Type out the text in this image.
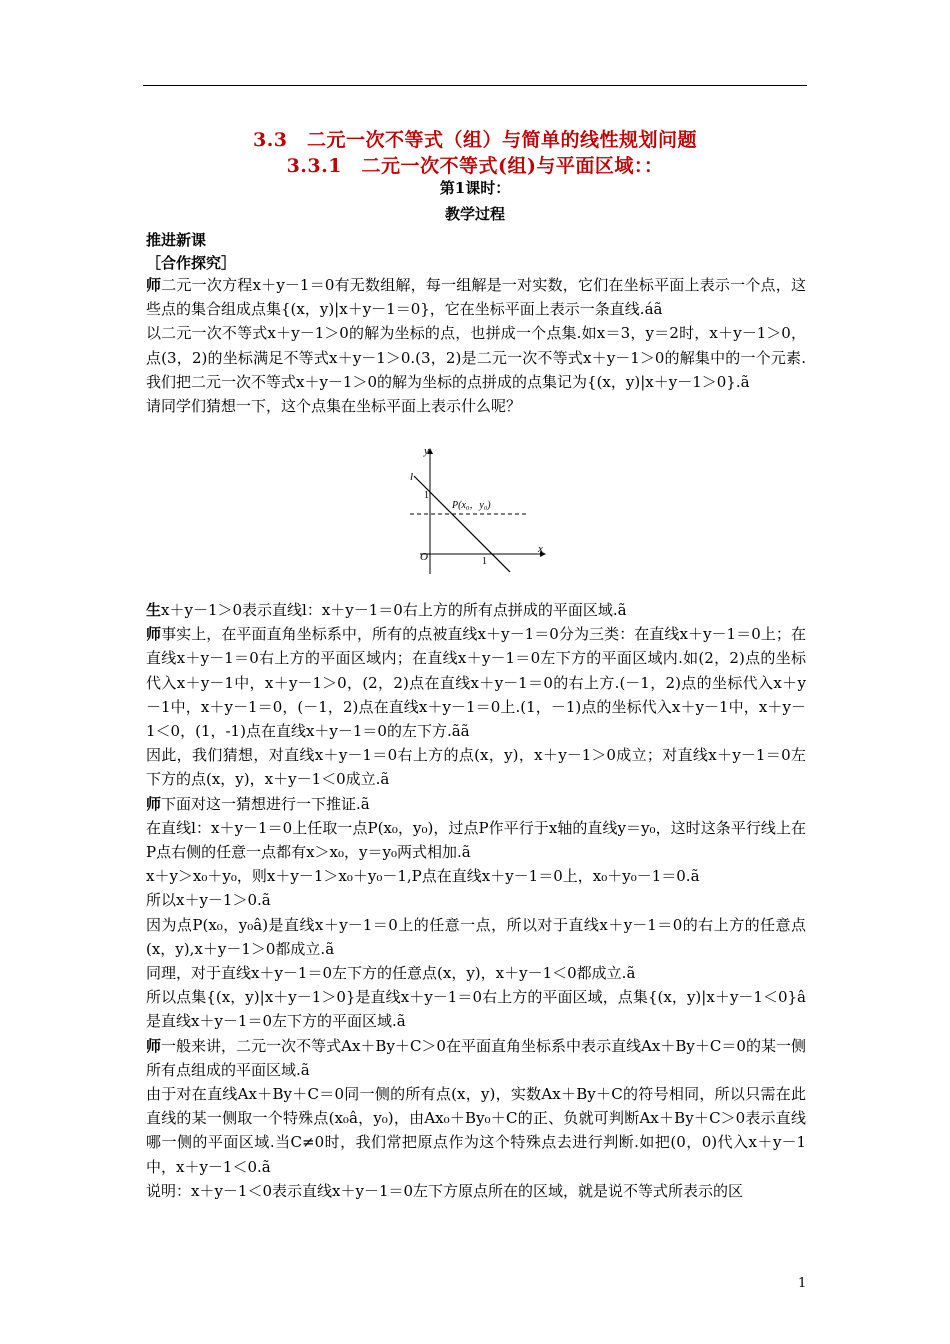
3.3　二元一次不等式（组）与简单的线性规划问题
3.3.1　二元一次不等式(组)与平面区域：：
第1课时：
教学过程
推进新课
［合作探究］
师二元一次方程x＋y－1＝0有无数组解，每一组解是一对实数，它们在坐标平面上表示一个点，这些点的集合组成点集{(x，y)|x＋y－1＝0}，它在坐标平面上表示一条直线.áã
以二元一次不等式x＋y－1＞0的解为坐标的点，也拼成一个点集.如x＝3，y＝2时，x＋y－1＞0，点(3，2)的坐标满足不等式x＋y－1＞0.(3，2)是二元一次不等式x＋y－1＞0的解集中的一个元素.我们把二元一次不等式x＋y－1＞0的解为坐标的点拼成的点集记为{(x，y)|x＋y－1＞0}.ã
请同学们猜想一下，这个点集在坐标平面上表示什么呢？
y
x
O
l
1
1
P(x₀，y₀)
生x＋y－1＞0表示直线l：x＋y－1＝0右上方的所有点拼成的平面区域.ã
师事实上，在平面直角坐标系中，所有的点被直线x＋y－1＝0分为三类：在直线x＋y－1＝0上；在直线x＋y－1＝0右上方的平面区域内；在直线x＋y－1＝0左下方的平面区域内.如(2，2)点的坐标代入x＋y－1中，x＋y－1＞0，(2，2)点在直线x＋y－1＝0的右上方.(－1，2)点的坐标代入x＋y－1中，x＋y－1＝0，(－1，2)点在直线x＋y－1＝0上.(1，－1)点的坐标代入x＋y－1中，x＋y－1＜0，(1，-1)点在直线x＋y－1＝0的左下方.ãã
因此，我们猜想，对直线x＋y－1＝0右上方的点(x，y)，x＋y－1＞0成立；对直线x＋y－1＝0左下方的点(x，y)，x＋y－1＜0成立.ã
师下面对这一猜想进行一下推证.ã
在直线l：x＋y－1＝0上任取一点P(x₀，y₀)，过点P作平行于x轴的直线y＝y₀，这时这条平行线上在P点右侧的任意一点都有x＞x₀，y＝y₀两式相加.ã
x＋y＞x₀＋y₀，则x＋y－1＞x₀＋y₀－1,P点在直线x＋y－1＝0上，x₀＋y₀－1＝0.ã
所以x＋y－1＞0.ã
因为点P(x₀，y₀â)是直线x＋y－1＝0上的任意一点，所以对于直线x＋y－1＝0的右上方的任意点(x，y),x＋y－1＞0都成立.ã
同理，对于直线x＋y－1＝0左下方的任意点(x，y)，x＋y－1＜0都成立.ã
所以点集{(x，y)|x＋y－1＞0}是直线x＋y－1＝0右上方的平面区域，点集{(x，y)|x＋y－1＜0}â是直线x＋y－1＝0左下方的平面区域.ã
师一般来讲，二元一次不等式Ax＋By＋C＞0在平面直角坐标系中表示直线Ax＋By＋C＝0的某一侧所有点组成的平面区域.ã
由于对在直线Ax＋By＋C＝0同一侧的所有点(x，y)，实数Ax＋By＋C的符号相同，所以只需在此直线的某一侧取一个特殊点(x₀â，y₀)，由Ax₀＋By₀＋C的正、负就可判断Ax＋By＋C＞0表示直线哪一侧的平面区域.当C≠0时，我们常把原点作为这个特殊点去进行判断.如把(0，0)代入x＋y－1中，x＋y－1＜0.ã
说明：x＋y－1＜0表示直线x＋y－1＝0左下方原点所在的区域，就是说不等式所表示的区
1
